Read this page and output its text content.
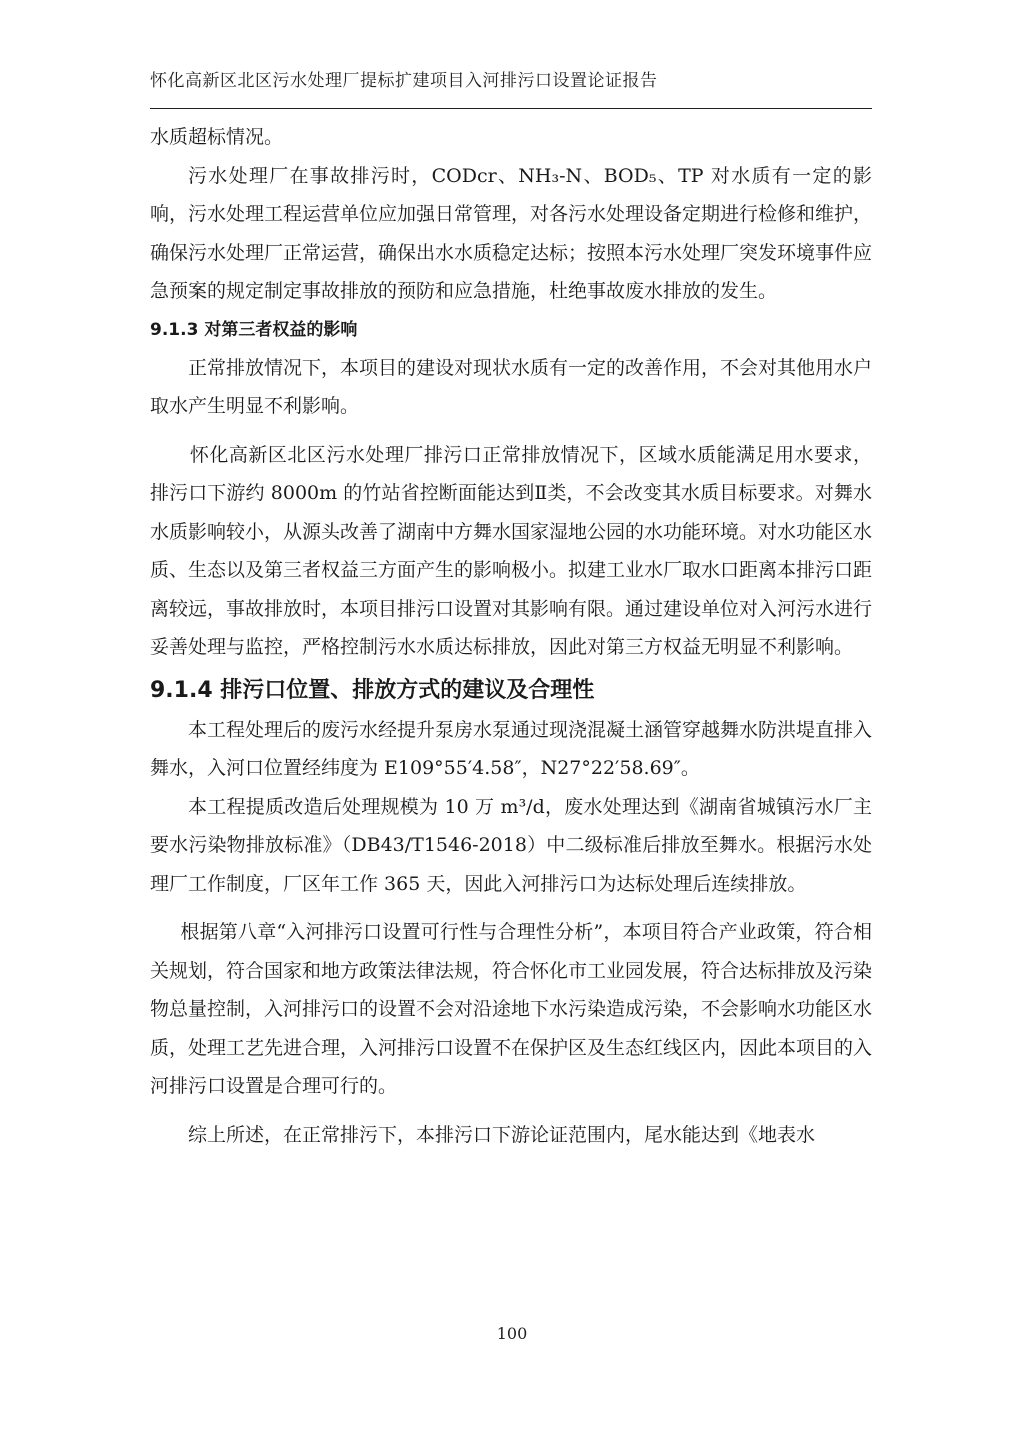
怀化高新区北区污水处理厂提标扩建项目入河排污口设置论证报告

水质超标情况。

污水处理厂在事故排污时，CODcr、NH₃-N、BOD₅、TP 对水质有一定的影响，污水处理工程运营单位应加强日常管理，对各污水处理设备定期进行检修和维护，确保污水处理厂正常运营，确保出水水质稳定达标；按照本污水处理厂突发环境事件应急预案的规定制定事故排放的预防和应急措施，杜绝事故废水排放的发生。

9.1.3 对第三者权益的影响

正常排放情况下，本项目的建设对现状水质有一定的改善作用，不会对其他用水户取水产生明显不利影响。

怀化高新区北区污水处理厂排污口正常排放情况下，区域水质能满足用水要求，排污口下游约 8000m 的竹站省控断面能达到Ⅱ类，不会改变其水质目标要求。对舞水水质影响较小，从源头改善了湖南中方舞水国家湿地公园的水功能环境。对水功能区水质、生态以及第三者权益三方面产生的影响极小。拟建工业水厂取水口距离本排污口距离较远，事故排放时，本项目排污口设置对其影响有限。通过建设单位对入河污水进行妥善处理与监控，严格控制污水水质达标排放，因此对第三方权益无明显不利影响。

9.1.4 排污口位置、排放方式的建议及合理性

本工程处理后的废污水经提升泵房水泵通过现浇混凝土涵管穿越舞水防洪堤直排入舞水，入河口位置经纬度为 E109°55′4.58″，N27°22′58.69″。

本工程提质改造后处理规模为 10 万 m³/d，废水处理达到《湖南省城镇污水厂主要水污染物排放标准》（DB43/T1546-2018）中二级标准后排放至舞水。根据污水处理厂工作制度，厂区年工作 365 天，因此入河排污口为达标处理后连续排放。

根据第八章“入河排污口设置可行性与合理性分析”，本项目符合产业政策，符合相关规划，符合国家和地方政策法律法规，符合怀化市工业园发展，符合达标排放及污染物总量控制，入河排污口的设置不会对沿途地下水污染造成污染，不会影响水功能区水质，处理工艺先进合理，入河排污口设置不在保护区及生态红线区内，因此本项目的入河排污口设置是合理可行的。

综上所述，在正常排污下，本排污口下游论证范围内，尾水能达到《地表水

100
